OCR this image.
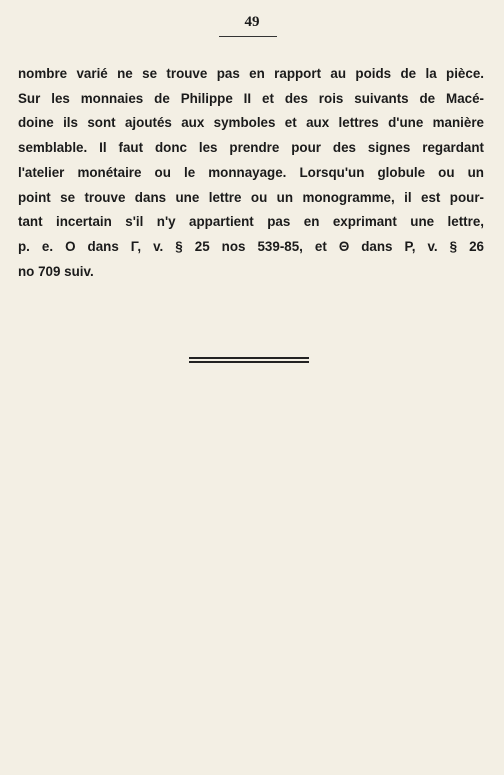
49
nombre varié ne se trouve pas en rapport au poids de la pièce.
Sur les monnaies de Philippe II et des rois suivants de Macé-
doine ils sont ajoutés aux symboles et aux lettres d'une manière
semblable. Il faut donc les prendre pour des signes regardant
l'atelier monétaire ou le monnayage. Lorsqu'un globule ou un
point se trouve dans une lettre ou un monogramme, il est pour-
tant incertain s'il n'y appartient pas en exprimant une lettre,
p. e. O dans Γ, v. § 25 nos 539-85, et Θ dans P, v. § 26
no 709 suiv.
